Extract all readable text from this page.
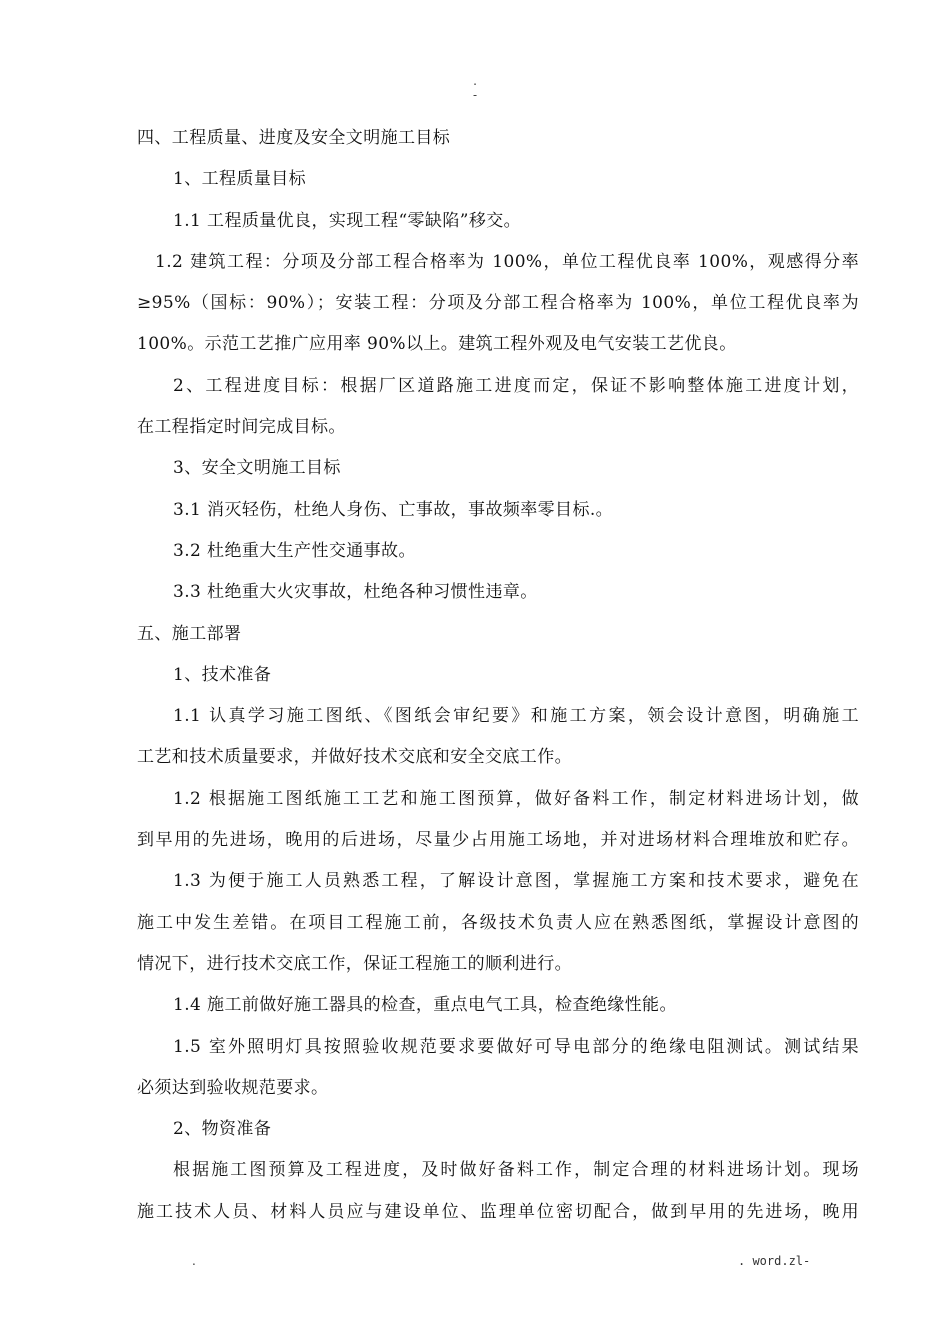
.
-
四、工程质量、进度及安全文明施工目标
1、工程质量目标
1.1 工程质量优良，实现工程“零缺陷”移交。
1.2 建筑工程：分项及分部工程合格率为 100%，单位工程优良率 100%，观感得分率
≥95%（国标：90%）；安装工程：分项及分部工程合格率为 100%，单位工程优良率为
100%。示范工艺推广应用率 90%以上。建筑工程外观及电气安装工艺优良。
2、工程进度目标：根据厂区道路施工进度而定，保证不影响整体施工进度计划，
在工程指定时间完成目标。
3、安全文明施工目标
3.1 消灭轻伤，杜绝人身伤、亡事故，事故频率零目标.。
3.2 杜绝重大生产性交通事故。
3.3 杜绝重大火灾事故，杜绝各种习惯性违章。
五、施工部署
1、技术准备
1.1 认真学习施工图纸、《图纸会审纪要》和施工方案，领会设计意图，明确施工
工艺和技术质量要求，并做好技术交底和安全交底工作。
1.2 根据施工图纸施工工艺和施工图预算，做好备料工作，制定材料进场计划，做
到早用的先进场，晚用的后进场，尽量少占用施工场地，并对进场材料合理堆放和贮存。
1.3 为便于施工人员熟悉工程，了解设计意图，掌握施工方案和技术要求，避免在
施工中发生差错。在项目工程施工前，各级技术负责人应在熟悉图纸，掌握设计意图的
情况下，进行技术交底工作，保证工程施工的顺利进行。
1.4 施工前做好施工器具的检查，重点电气工具，检查绝缘性能。
1.5 室外照明灯具按照验收规范要求要做好可导电部分的绝缘电阻测试。测试结果
必须达到验收规范要求。
2、物资准备
根据施工图预算及工程进度，及时做好备料工作，制定合理的材料进场计划。现场
施工技术人员、材料人员应与建设单位、监理单位密切配合，做到早用的先进场，晚用
.	. word.zl-
